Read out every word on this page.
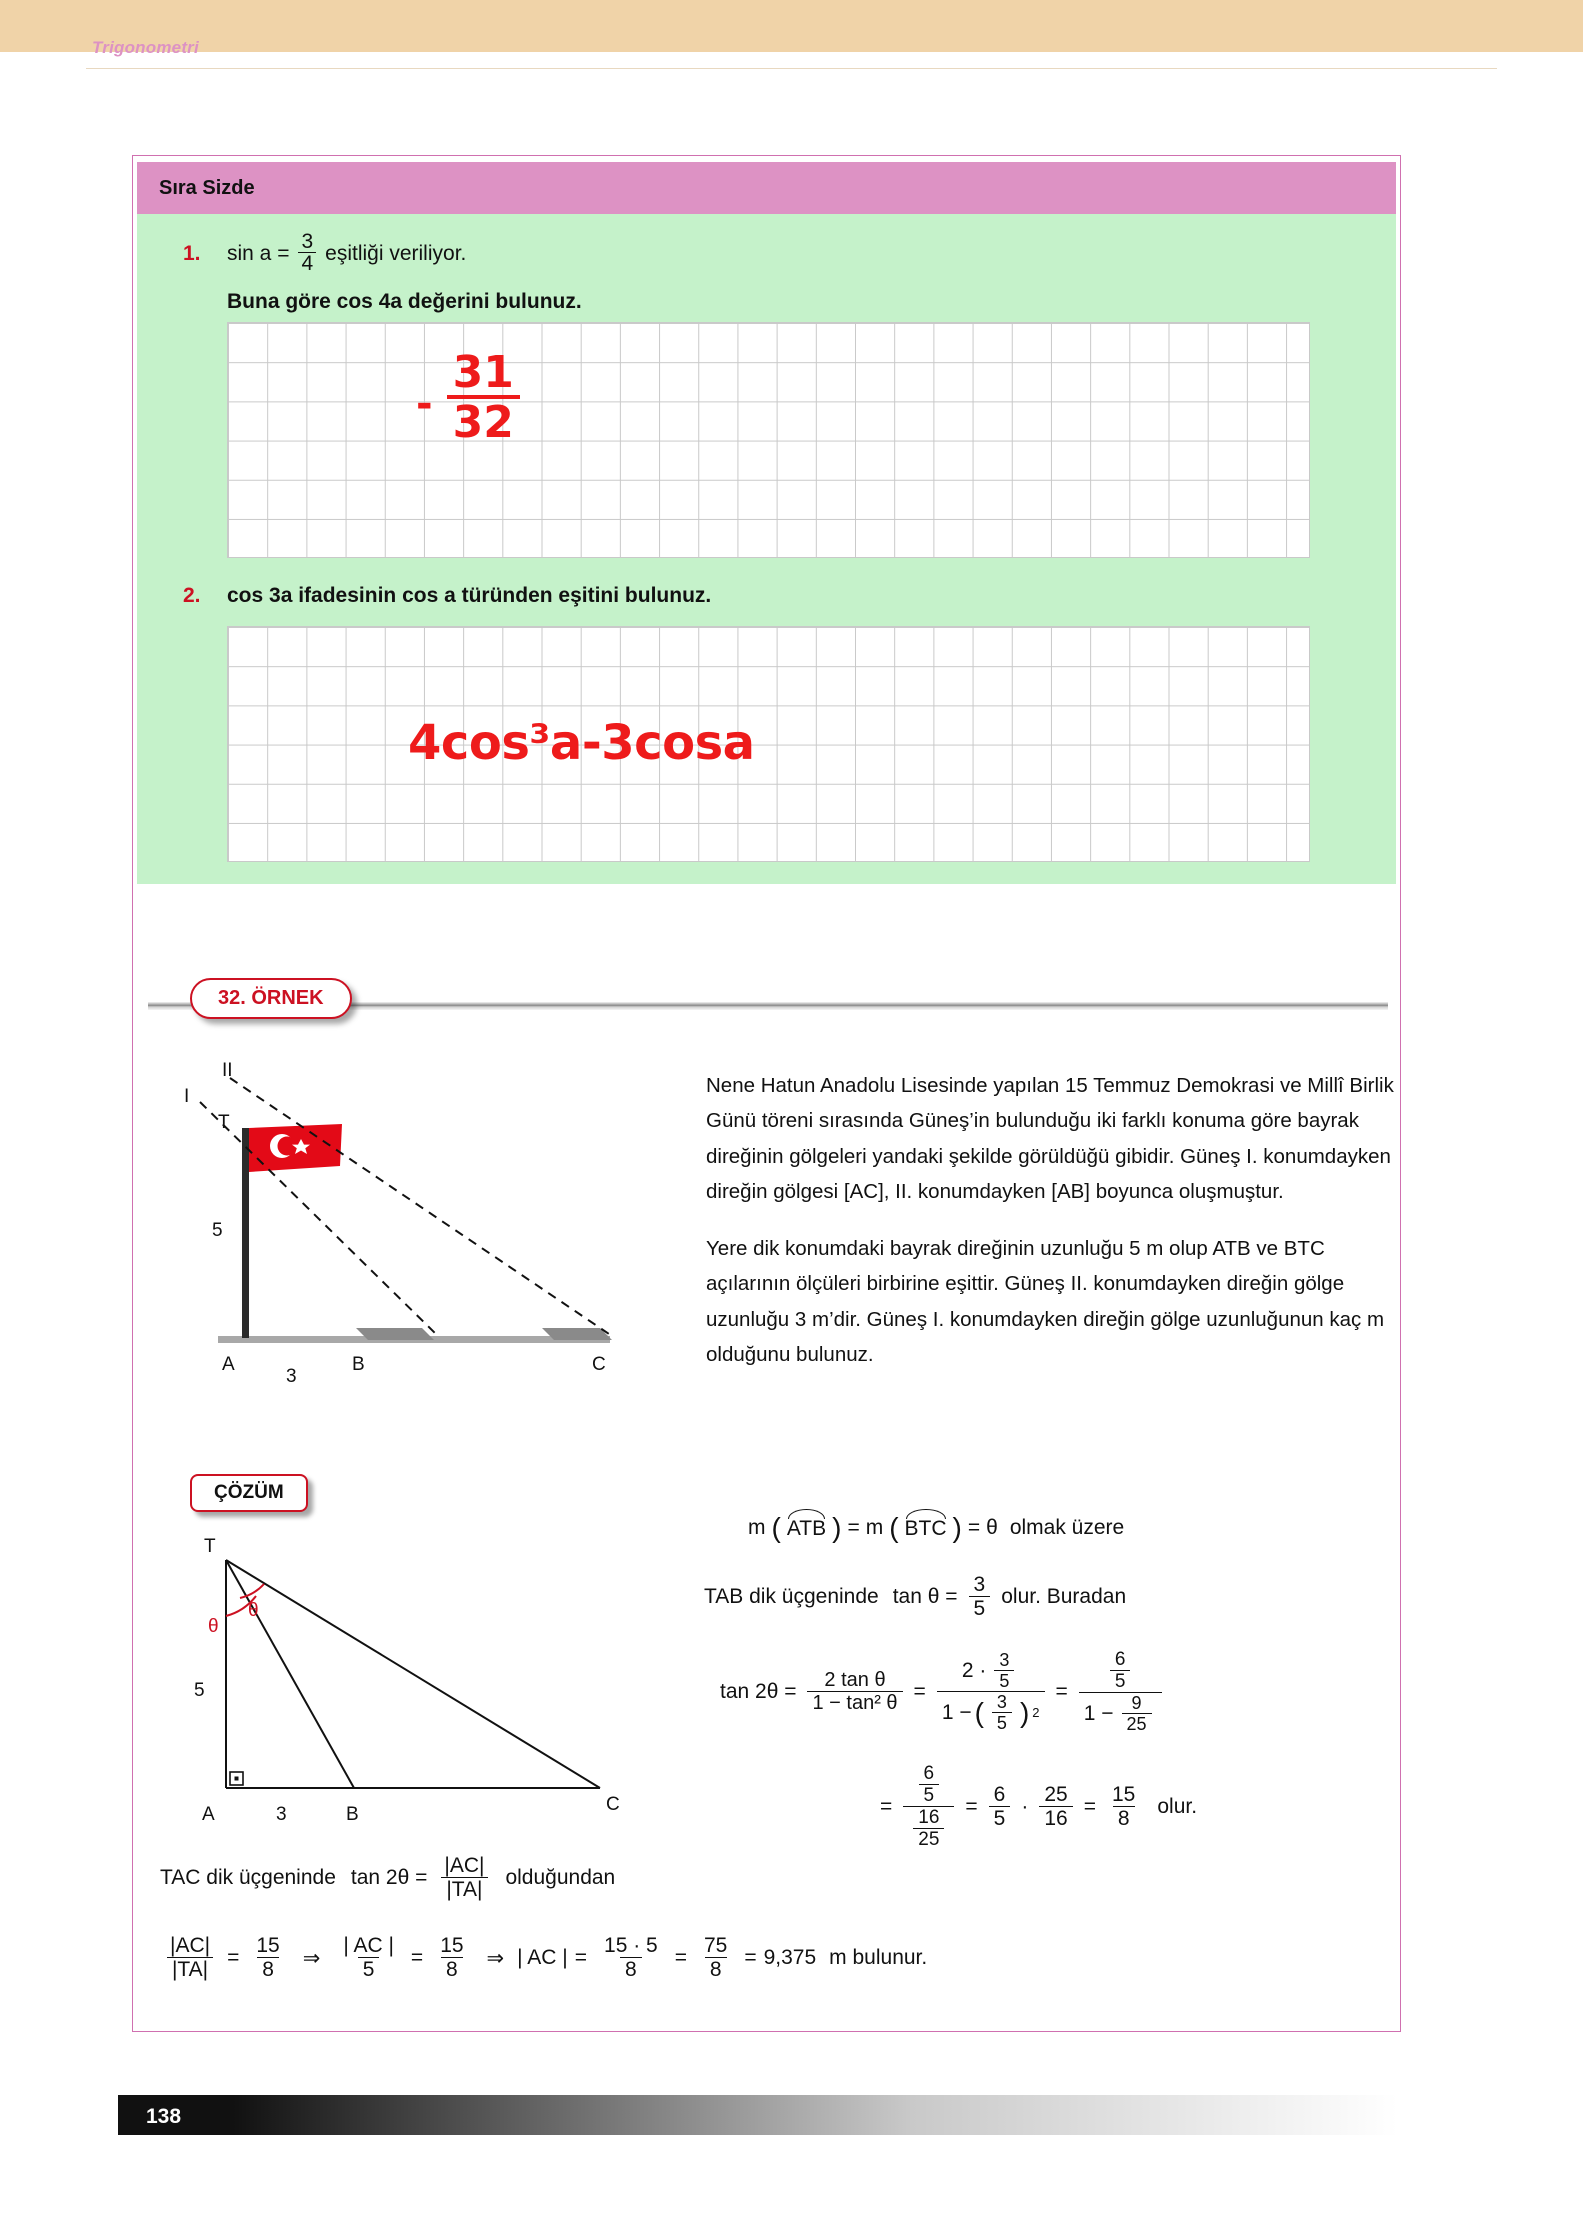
Trigonometri
Sıra Sizde
1.	$\sin a = \frac{3}{4}$ eşitliği veriliyor.
Buna göre cos 4a değerini bulunuz.
- $\frac{31}{32}$
2.	cos 3a ifadesinin cos a türünden eşitini bulunuz.
4cos³a-3cosa
32. ÖRNEK
II
I
T
5
A
3
B	C

Nene Hatun Anadolu Lisesinde yapılan 15 Temmuz Demokrasi ve Millî Birlik Günü töreni sırasında Güneş’in bulunduğu iki farklı konuma göre bayrak direğinin gölgeleri yandaki şekilde görüldüğü gibidir. Güneş I. konumdayken direğin gölgesi [AC], II. konumdayken [AB] boyunca oluşmuştur.

Yere dik konumdaki bayrak direğinin uzunluğu 5 m olup ATB ve BTC açılarının ölçüleri birbirine eşittir. Güneş II. konumdayken direğin gölge uzunluğu 3 m’dir. Güneş I. konumdayken direğin gölge uzunluğunun kaç m olduğunu bulunuz.

ÇÖZÜM
θ
θ
T
5
A	3	B	C
m ( ATB ) = m ( BTC ) = θ olmak üzere
TAB dik üçgeninde $\tan \theta = \frac{3}{5}$ olur. Buradan
$\tan 2\theta = \frac{\text{2 tan θ}}{\text{1 − tan² θ}}$ =
2 · 3
5
1 − ( 3
5 ) 2
= $\frac{\frac{6}{5}}{1 - \frac{9}{25}}$
= $\frac{\frac{6}{5}}{\frac{16}{25}} = \frac{6}{5} \cdot \frac{25}{16} = \frac{15}{8}$ olur.
TAC dik üçgeninde $\tan 2\theta = \frac{|AC|}{|TA|}$ olduğundan
$\frac{|AC|}{|TA|} = \frac{15}{8}$ ⇒ $\frac{| AC |}{5} = \frac{15}{8}$ ⇒ | AC | = $\frac{15 \cdot 5}{8} = \frac{75}{8} = 9,375$ m bulunur.
138
